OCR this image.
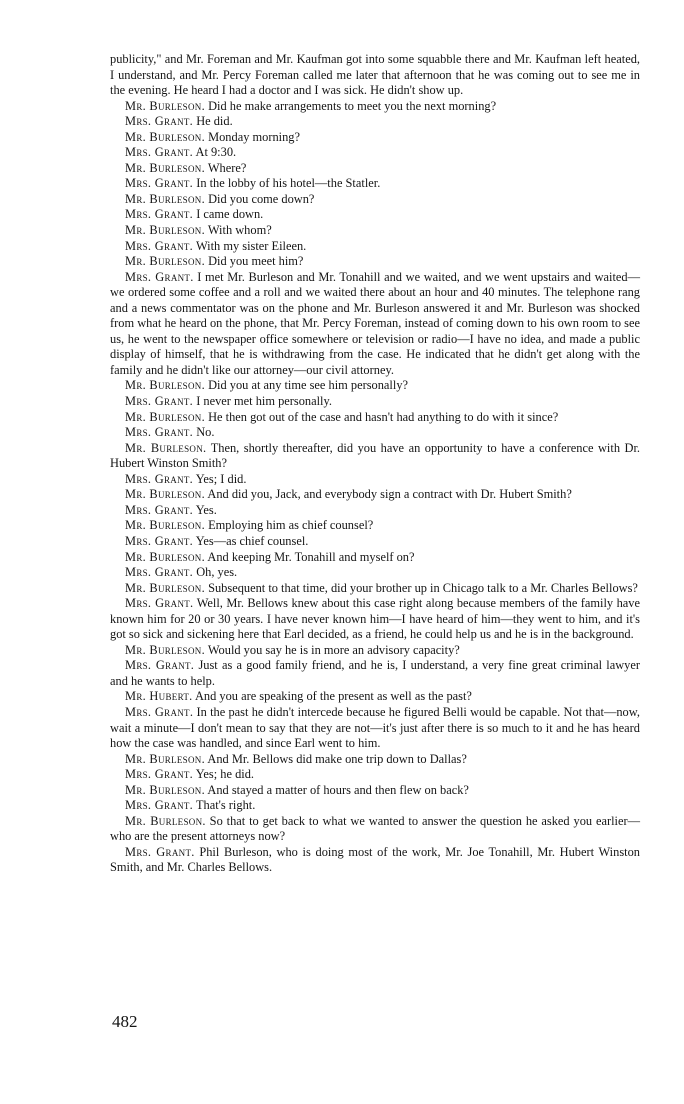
publicity," and Mr. Foreman and Mr. Kaufman got into some squabble there and Mr. Kaufman left heated, I understand, and Mr. Percy Foreman called me later that afternoon that he was coming out to see me in the evening. He heard I had a doctor and I was sick. He didn't show up.

Mr. Burleson. Did he make arrangements to meet you the next morning?

Mrs. Grant. He did.

Mr. Burleson. Monday morning?

Mrs. Grant. At 9:30.

Mr. Burleson. Where?

Mrs. Grant. In the lobby of his hotel—the Statler.

Mr. Burleson. Did you come down?

Mrs. Grant. I came down.

Mr. Burleson. With whom?

Mrs. Grant. With my sister Eileen.

Mr. Burleson. Did you meet him?

Mrs. Grant. I met Mr. Burleson and Mr. Tonahill and we waited, and we went upstairs and waited—we ordered some coffee and a roll and we waited there about an hour and 40 minutes. The telephone rang and a news commentator was on the phone and Mr. Burleson answered it and Mr. Burleson was shocked from what he heard on the phone, that Mr. Percy Foreman, instead of coming down to his own room to see us, he went to the newspaper office somewhere or television or radio—I have no idea, and made a public display of himself, that he is withdrawing from the case. He indicated that he didn't get along with the family and he didn't like our attorney—our civil attorney.

Mr. Burleson. Did you at any time see him personally?

Mrs. Grant. I never met him personally.

Mr. Burleson. He then got out of the case and hasn't had anything to do with it since?

Mrs. Grant. No.

Mr. Burleson. Then, shortly thereafter, did you have an opportunity to have a conference with Dr. Hubert Winston Smith?

Mrs. Grant. Yes; I did.

Mr. Burleson. And did you, Jack, and everybody sign a contract with Dr. Hubert Smith?

Mrs. Grant. Yes.

Mr. Burleson. Employing him as chief counsel?

Mrs. Grant. Yes—as chief counsel.

Mr. Burleson. And keeping Mr. Tonahill and myself on?

Mrs. Grant. Oh, yes.

Mr. Burleson. Subsequent to that time, did your brother up in Chicago talk to a Mr. Charles Bellows?

Mrs. Grant. Well, Mr. Bellows knew about this case right along because members of the family have known him for 20 or 30 years. I have never known him—I have heard of him—they went to him, and it's got so sick and sickening here that Earl decided, as a friend, he could help us and he is in the background.

Mr. Burleson. Would you say he is in more an advisory capacity?

Mrs. Grant. Just as a good family friend, and he is, I understand, a very fine great criminal lawyer and he wants to help.

Mr. Hubert. And you are speaking of the present as well as the past?

Mrs. Grant. In the past he didn't intercede because he figured Belli would be capable. Not that—now, wait a minute—I don't mean to say that they are not—it's just after there is so much to it and he has heard how the case was handled, and since Earl went to him.

Mr. Burleson. And Mr. Bellows did make one trip down to Dallas?

Mrs. Grant. Yes; he did.

Mr. Burleson. And stayed a matter of hours and then flew on back?

Mrs. Grant. That's right.

Mr. Burleson. So that to get back to what we wanted to answer the question he asked you earlier—who are the present attorneys now?

Mrs. Grant. Phil Burleson, who is doing most of the work, Mr. Joe Tonahill, Mr. Hubert Winston Smith, and Mr. Charles Bellows.

482
